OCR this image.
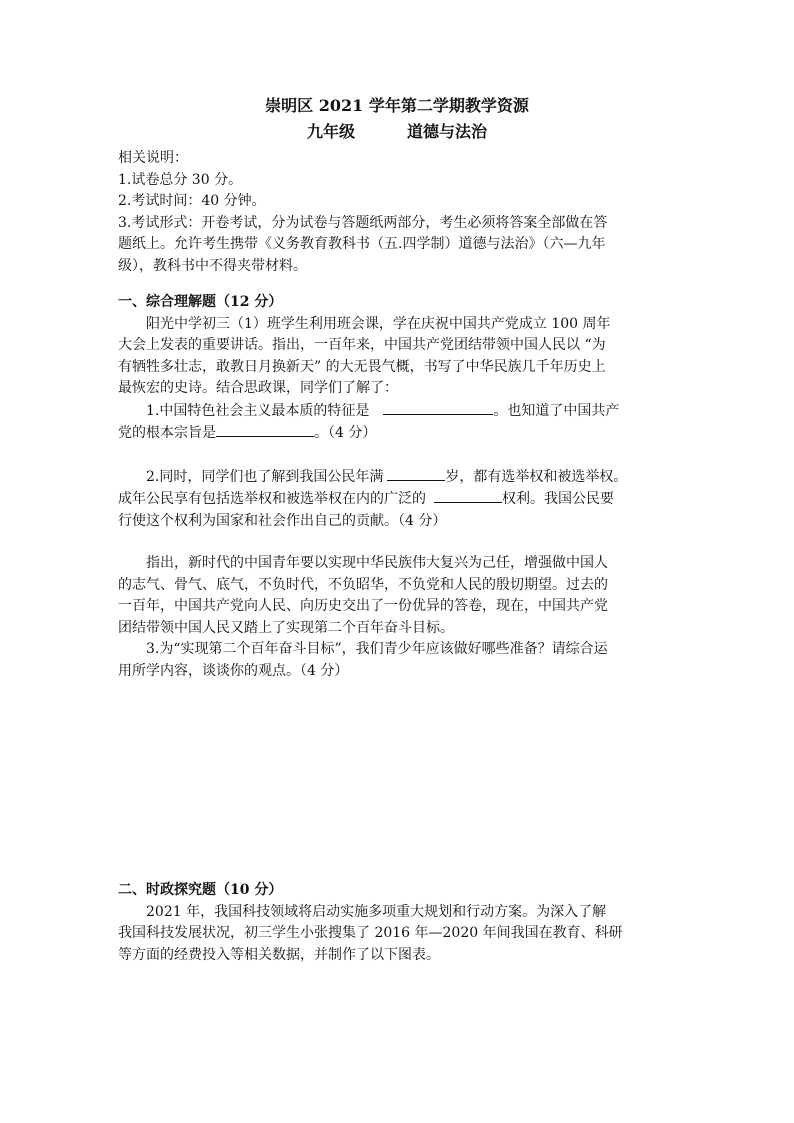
崇明区 2021 学年第二学期教学资源
九年级	道德与法治
相关说明：
1.试卷总分 30 分。
2.考试时间：40 分钟。
3.考试形式：开卷考试，分为试卷与答题纸两部分，考生必须将答案全部做在答
题纸上。允许考生携带《义务教育教科书（五.四学制）道德与法治》（六—九年
级），教科书中不得夹带材料。
一、综合理解题（12 分）
阳光中学初三（1）班学生利用班会课，学在庆祝中国共产党成立 100 周年
大会上发表的重要讲话。指出，一百年来，中国共产党团结带领中国人民以 “为
有牺牲多壮志，敢教日月换新天” 的大无畏气概，书写了中华民族几千年历史上
最恢宏的史诗。结合思政课，同学们了解了：
1.中国特色社会主义最本质的特征是	。也知道了中国共产
党的根本宗旨是	。（4 分）
2.同时，同学们也了解到我国公民年满	岁，都有选举权和被选举权。
成年公民享有包括选举权和被选举权在内的广泛的	权利。我国公民要
行使这个权利为国家和社会作出自己的贡献。（4 分）
指出，新时代的中国青年要以实现中华民族伟大复兴为己任，增强做中国人
的志气、骨气、底气，不负时代，不负昭华，不负党和人民的殷切期望。过去的
一百年，中国共产党向人民、向历史交出了一份优异的答卷，现在，中国共产党
团结带领中国人民又踏上了实现第二个百年奋斗目标。
3.为“实现第二个百年奋斗目标”，我们青少年应该做好哪些准备？请综合运
用所学内容，谈谈你的观点。（4 分）
二、时政探究题（10 分）
2021 年，我国科技领域将启动实施多项重大规划和行动方案。为深入了解
我国科技发展状况，初三学生小张搜集了 2016 年—2020 年间我国在教育、科研
等方面的经费投入等相关数据，并制作了以下图表。
